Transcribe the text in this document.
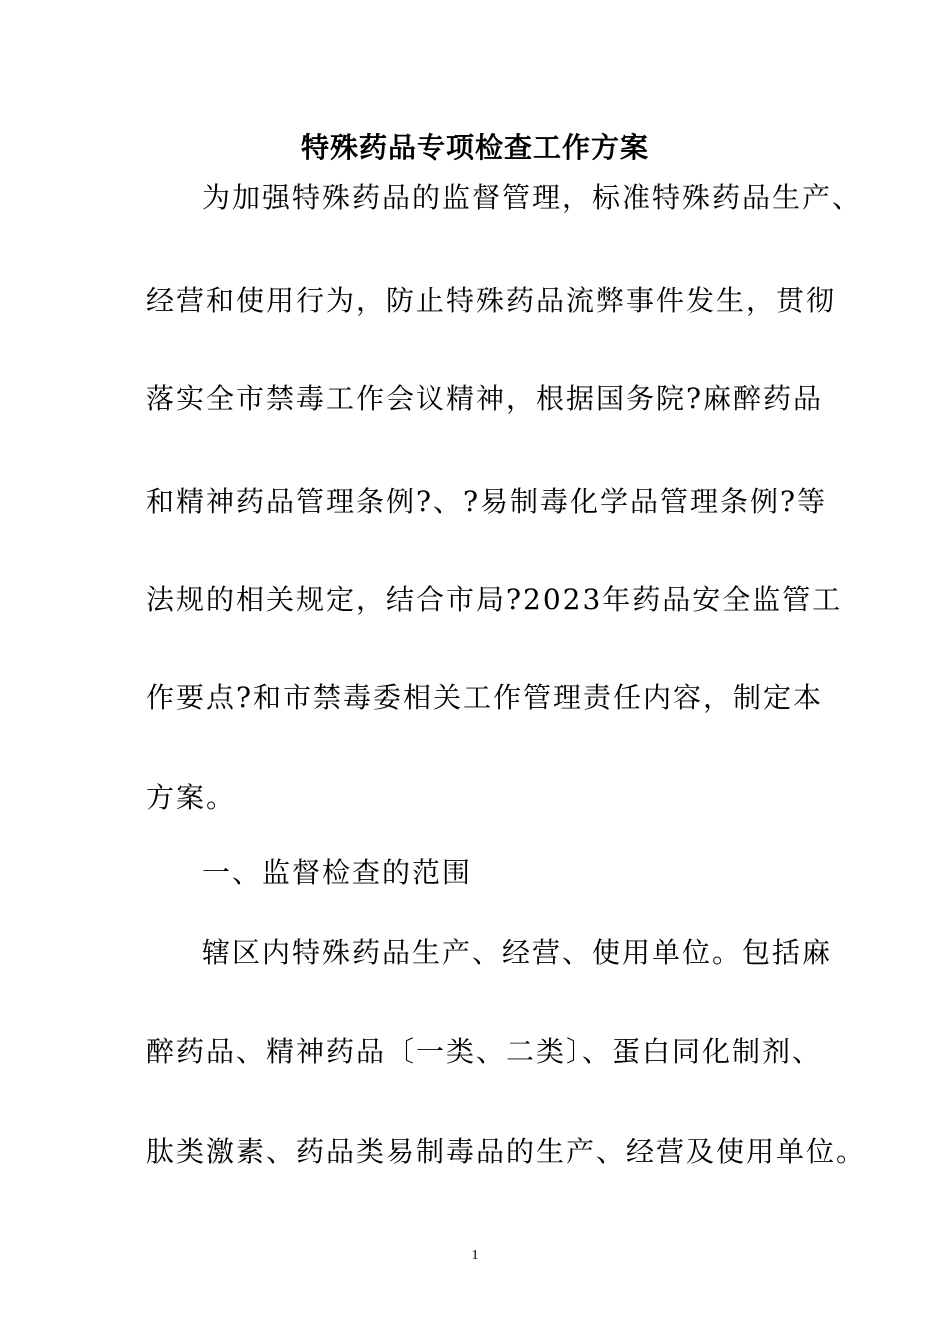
特殊药品专项检查工作方案

为加强特殊药品的监督管理，标准特殊药品生产、

经营和使用行为，防止特殊药品流弊事件发生，贯彻

落实全市禁毒工作会议精神，根据国务院?麻醉药品

和精神药品管理条例?、?易制毒化学品管理条例?等

法规的相关规定，结合市局?2023年药品安全监管工

作要点?和市禁毒委相关工作管理责任内容，制定本

方案。

一、监督检查的范围

辖区内特殊药品生产、经营、使用单位。包括麻

醉药品、精神药品〔一类、二类〕、蛋白同化制剂、

肽类激素、药品类易制毒品的生产、经营及使用单位。

1
